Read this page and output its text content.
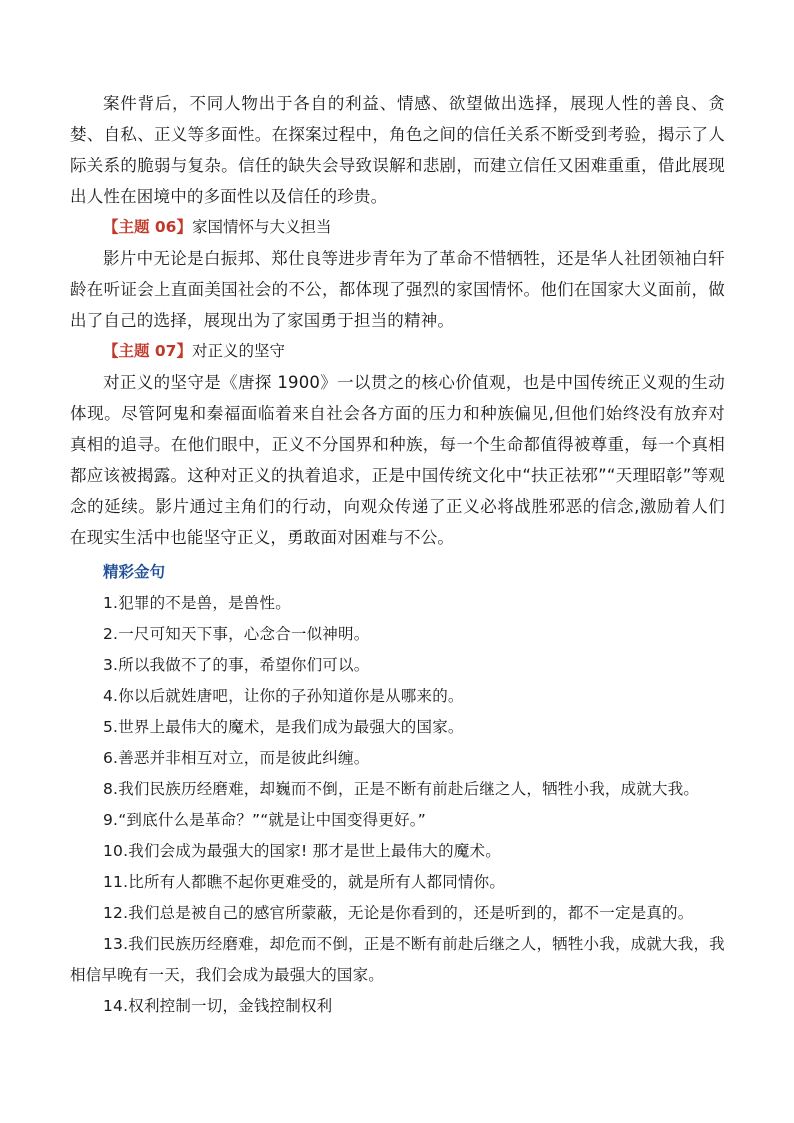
案件背后，不同人物出于各自的利益、情感、欲望做出选择，展现人性的善良、贪婪、自私、正义等多面性。在探案过程中，角色之间的信任关系不断受到考验，揭示了人际关系的脆弱与复杂。信任的缺失会导致误解和悲剧，而建立信任又困难重重，借此展现出人性在困境中的多面性以及信任的珍贵。

【主题 06】家国情怀与大义担当

影片中无论是白振邦、郑仕良等进步青年为了革命不惜牺牲，还是华人社团领袖白轩龄在听证会上直面美国社会的不公，都体现了强烈的家国情怀。他们在国家大义面前，做出了自己的选择，展现出为了家国勇于担当的精神。

【主题 07】对正义的坚守

对正义的坚守是《唐探 1900》一以贯之的核心价值观，也是中国传统正义观的生动体现。尽管阿鬼和秦福面临着来自社会各方面的压力和种族偏见,但他们始终没有放弃对真相的追寻。在他们眼中，正义不分国界和种族，每一个生命都值得被尊重，每一个真相都应该被揭露。这种对正义的执着追求，正是中国传统文化中“扶正祛邪”“天理昭彰”等观念的延续。影片通过主角们的行动，向观众传递了正义必将战胜邪恶的信念,激励着人们在现实生活中也能坚守正义，勇敢面对困难与不公。

精彩金句

1.犯罪的不是兽，是兽性。
2.一尺可知天下事，心念合一似神明。
3.所以我做不了的事，希望你们可以。
4.你以后就姓唐吧，让你的子孙知道你是从哪来的。
5.世界上最伟大的魔术，是我们成为最强大的国家。
6.善恶并非相互对立，而是彼此纠缠。
8.我们民族历经磨难，却巍而不倒，正是不断有前赴后继之人，牺牲小我，成就大我。
9.“到底什么是革命？”“就是让中国变得更好。”
10.我们会成为最强大的国家! 那才是世上最伟大的魔术。
11.比所有人都瞧不起你更难受的，就是所有人都同情你。
12.我们总是被自己的感官所蒙蔽，无论是你看到的，还是听到的，都不一定是真的。
13.我们民族历经磨难，却危而不倒，正是不断有前赴后继之人，牺牲小我，成就大我，我相信早晚有一天，我们会成为最强大的国家。
14.权利控制一切，金钱控制权利
